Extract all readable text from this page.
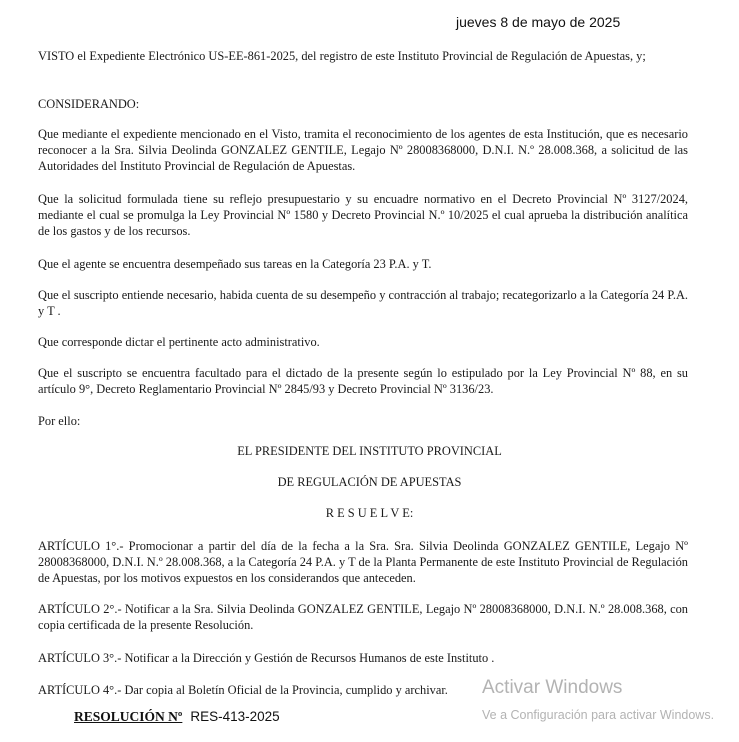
jueves 8 de mayo de 2025

VISTO el Expediente Electrónico US-EE-861-2025, del registro de este Instituto Provincial de Regulación de Apuestas, y;

CONSIDERANDO:

Que mediante el expediente mencionado en el Visto, tramita el reconocimiento de los agentes de esta Institución, que es necesario reconocer a la Sra. Silvia Deolinda GONZALEZ GENTILE, Legajo Nº 28008368000, D.N.I. N.º 28.008.368, a solicitud de las Autoridades del Instituto Provincial de Regulación de Apuestas.

Que la solicitud formulada tiene su reflejo presupuestario y su encuadre normativo en el Decreto Provincial Nº 3127/2024, mediante el cual se promulga la Ley Provincial Nº 1580 y Decreto Provincial N.º 10/2025 el cual aprueba la distribución analítica de los gastos y de los recursos.

Que el agente se encuentra desempeñado sus tareas en la Categoría 23 P.A. y T.

Que el suscripto entiende necesario, habida cuenta de su desempeño y contracción al trabajo; recategorizarlo a la Categoría 24 P.A. y T .

Que corresponde dictar el pertinente acto administrativo.

Que el suscripto se encuentra facultado para el dictado de la presente según lo estipulado por la Ley Provincial Nº 88, en su artículo 9°, Decreto Reglamentario Provincial Nº 2845/93 y Decreto Provincial Nº 3136/23.

Por ello:

EL PRESIDENTE DEL INSTITUTO PROVINCIAL

DE REGULACIÓN DE APUESTAS

R E S U E L V E:

ARTÍCULO 1°.- Promocionar a partir del día de la fecha a la Sra. Sra. Silvia Deolinda GONZALEZ GENTILE, Legajo Nº 28008368000, D.N.I. N.º 28.008.368, a la Categoría 24 P.A. y T de la Planta Permanente de este Instituto Provincial de Regulación de Apuestas, por los motivos expuestos en los considerandos que anteceden.

ARTÍCULO 2°.- Notificar a la Sra. Silvia Deolinda GONZALEZ GENTILE, Legajo Nº 28008368000, D.N.I. N.º 28.008.368, con copia certificada de la presente Resolución.

ARTÍCULO 3°.- Notificar a la Dirección y Gestión de Recursos Humanos de este Instituto .

ARTÍCULO 4°.- Dar copia al Boletín Oficial de la Provincia, cumplido y archivar.

RESOLUCIÓN Nº RES-413-2025
Activar Windows
Ve a Configuración para activar Windows.
